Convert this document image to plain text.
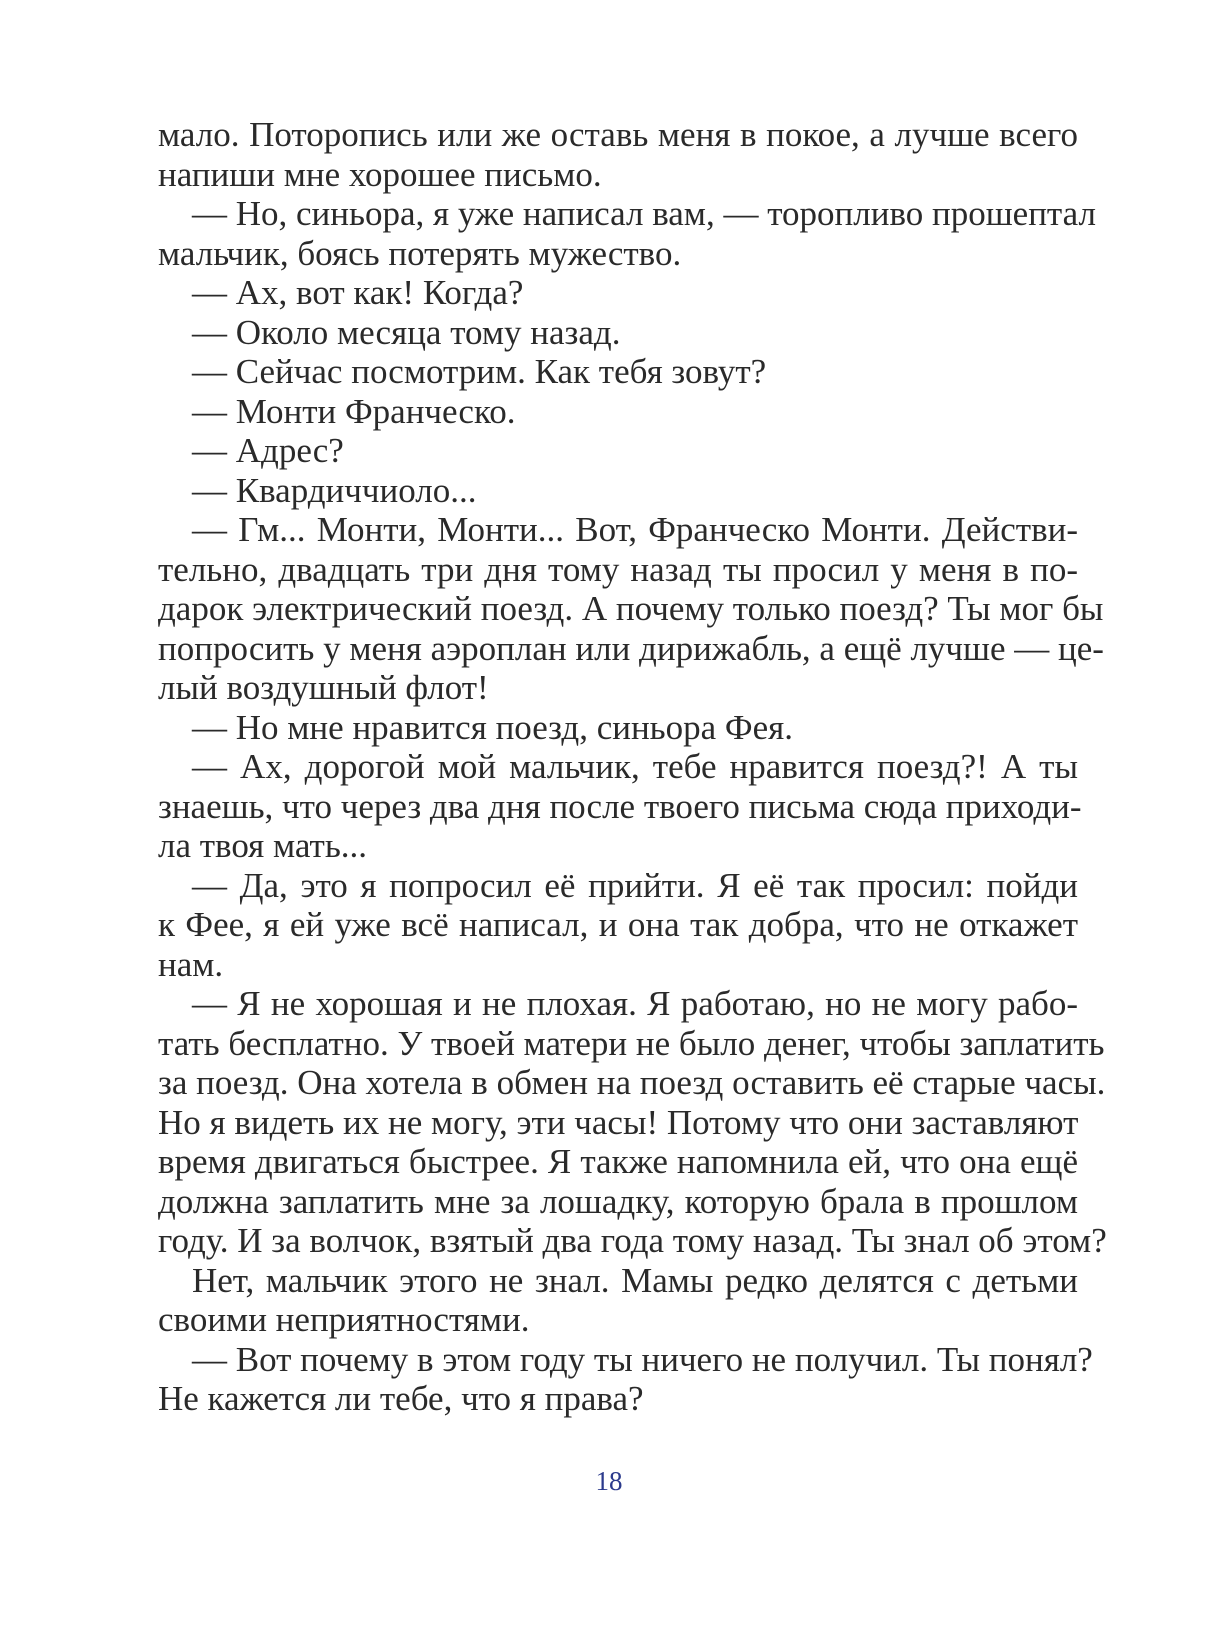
мало. Поторопись или же оставь меня в покое, а лучше всего
напиши мне хорошее письмо.

— Но, синьора, я уже написал вам, — торопливо прошептал
мальчик, боясь потерять мужество.

— Ах, вот как! Когда?

— Около месяца тому назад.

— Сейчас посмотрим. Как тебя зовут?

— Монти Франческо.

— Адрес?

— Квардиччиоло...

— Гм... Монти, Монти... Вот, Франческо Монти. Действи-
тельно, двадцать три дня тому назад ты просил у меня в по-
дарок электрический поезд. А почему только поезд? Ты мог бы
попросить у меня аэроплан или дирижабль, а ещё лучше — це-
лый воздушный флот!

— Но мне нравится поезд, синьора Фея.

— Ах, дорогой мой мальчик, тебе нравится поезд?! А ты
знаешь, что через два дня после твоего письма сюда приходи-
ла твоя мать...

— Да, это я попросил её прийти. Я её так просил: пойди
к Фее, я ей уже всё написал, и она так добра, что не откажет
нам.

— Я не хорошая и не плохая. Я работаю, но не могу рабо-
тать бесплатно. У твоей матери не было денег, чтобы заплатить
за поезд. Она хотела в обмен на поезд оставить её старые часы.
Но я видеть их не могу, эти часы! Потому что они заставляют
время двигаться быстрее. Я также напомнила ей, что она ещё
должна заплатить мне за лошадку, которую брала в прошлом
году. И за волчок, взятый два года тому назад. Ты знал об этом?

Нет, мальчик этого не знал. Мамы редко делятся с детьми
своими неприятностями.

— Вот почему в этом году ты ничего не получил. Ты понял?
Не кажется ли тебе, что я права?

18
